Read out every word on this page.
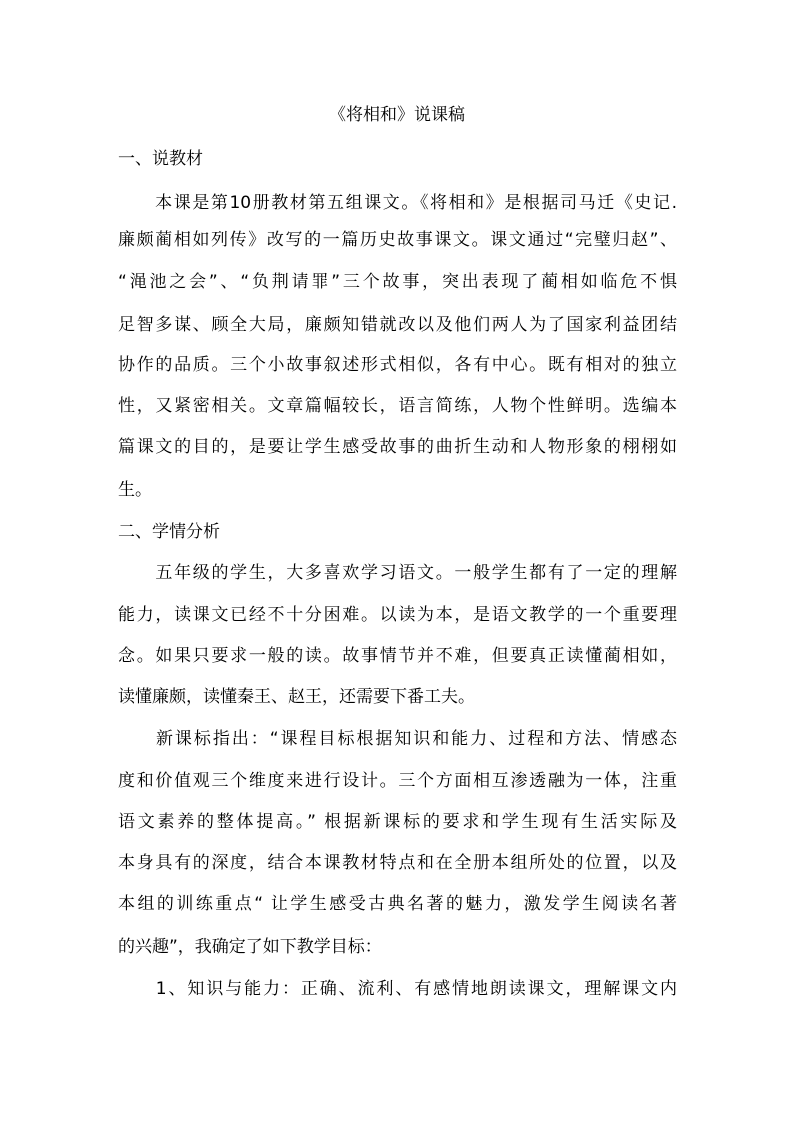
《将相和》说课稿
一、说教材
　　本课是第10册教材第五组课文。《将相和》是根据司马迁《史记.
廉颇蔺相如列传》改写的一篇历史故事课文。课文通过“完璧归赵”、
“渑池之会”、“负荆请罪”三个故事，突出表现了蔺相如临危不惧
足智多谋、顾全大局，廉颇知错就改以及他们两人为了国家利益团结
协作的品质。三个小故事叙述形式相似，各有中心。既有相对的独立
性，又紧密相关。文章篇幅较长，语言简练，人物个性鲜明。选编本
篇课文的目的，是要让学生感受故事的曲折生动和人物形象的栩栩如
生。
二、学情分析
　　五年级的学生，大多喜欢学习语文。一般学生都有了一定的理解
能力，读课文已经不十分困难。以读为本，是语文教学的一个重要理
念。如果只要求一般的读。故事情节并不难，但要真正读懂蔺相如，
读懂廉颇，读懂秦王、赵王，还需要下番工夫。
　　新课标指出：“课程目标根据知识和能力、过程和方法、情感态
度和价值观三个维度来进行设计。三个方面相互渗透融为一体，注重
语文素养的整体提高。” 根据新课标的要求和学生现有生活实际及
本身具有的深度，结合本课教材特点和在全册本组所处的位置，以及
本组的训练重点“ 让学生感受古典名著的魅力，激发学生阅读名著
的兴趣”，我确定了如下教学目标：
　　1、知识与能力：正确、流利、有感情地朗读课文，理解课文内
